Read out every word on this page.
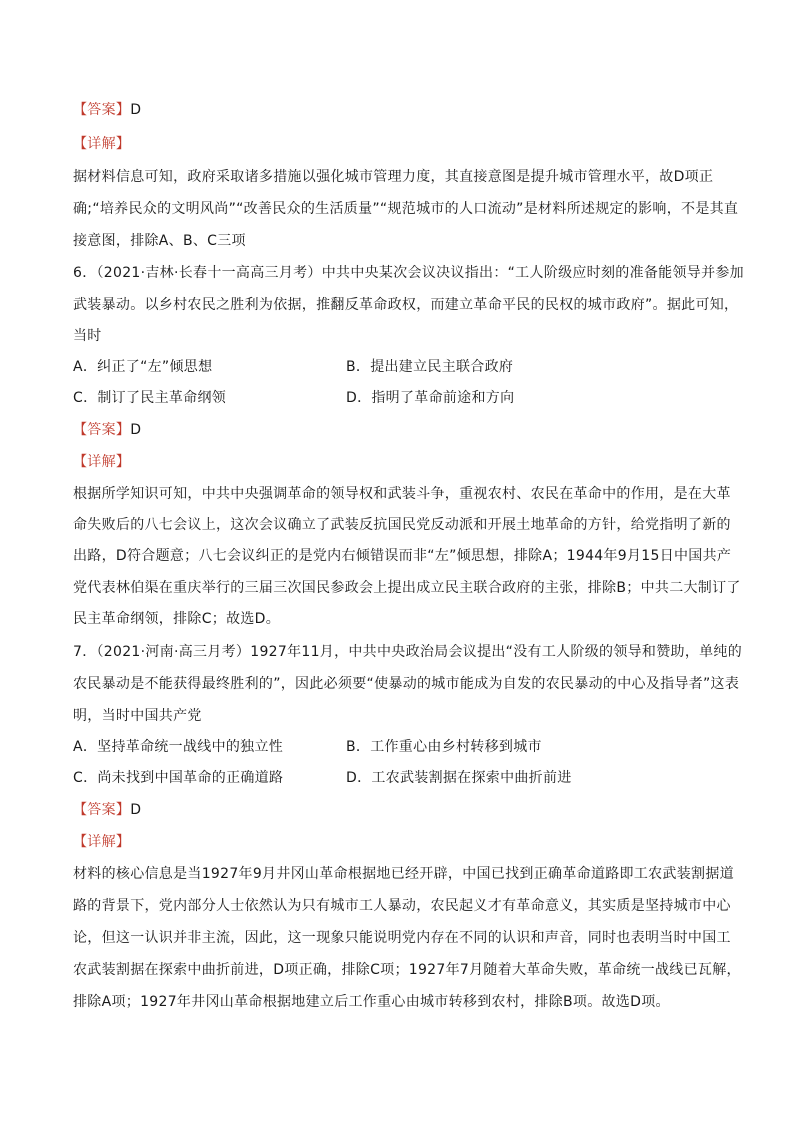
【答案】D
【详解】
据材料信息可知，政府采取诸多措施以强化城市管理力度，其直接意图是提升城市管理水平，故D项正
确;“培养民众的文明风尚”“改善民众的生活质量”“规范城市的人口流动”是材料所述规定的影响，不是其直
接意图，排除A、B、C三项
6．（2021·吉林·长春十一高高三月考）中共中央某次会议决议指出：“工人阶级应时刻的准备能领导并参加
武装暴动。以乡村农民之胜利为依据，推翻反革命政权，而建立革命平民的民权的城市政府”。据此可知，
当时
A．纠正了“左”倾思想	B．提出建立民主联合政府
C．制订了民主革命纲领	D．指明了革命前途和方向
【答案】D
【详解】
根据所学知识可知，中共中央强调革命的领导权和武装斗争，重视农村、农民在革命中的作用，是在大革
命失败后的八七会议上，这次会议确立了武装反抗国民党反动派和开展土地革命的方针，给党指明了新的
出路，D符合题意；八七会议纠正的是党内右倾错误而非“左”倾思想，排除A；1944年9月15日中国共产
党代表林伯渠在重庆举行的三届三次国民参政会上提出成立民主联合政府的主张，排除B；中共二大制订了
民主革命纲领，排除C；故选D。
7．（2021·河南·高三月考）1927年11月，中共中央政治局会议提出“没有工人阶级的领导和赞助，单纯的
农民暴动是不能获得最终胜利的”，因此必须要“使暴动的城市能成为自发的农民暴动的中心及指导者”这表
明，当时中国共产党
A．坚持革命统一战线中的独立性	B．工作重心由乡村转移到城市
C．尚未找到中国革命的正确道路	D．工农武装割据在探索中曲折前进
【答案】D
【详解】
材料的核心信息是当1927年9月井冈山革命根据地已经开辟，中国已找到正确革命道路即工农武装割据道
路的背景下，党内部分人士依然认为只有城市工人暴动，农民起义才有革命意义，其实质是坚持城市中心
论，但这一认识并非主流，因此，这一现象只能说明党内存在不同的认识和声音，同时也表明当时中国工
农武装割据在探索中曲折前进，D项正确，排除C项；1927年7月随着大革命失败，革命统一战线已瓦解，
排除A项；1927年井冈山革命根据地建立后工作重心由城市转移到农村，排除B项。故选D项。
